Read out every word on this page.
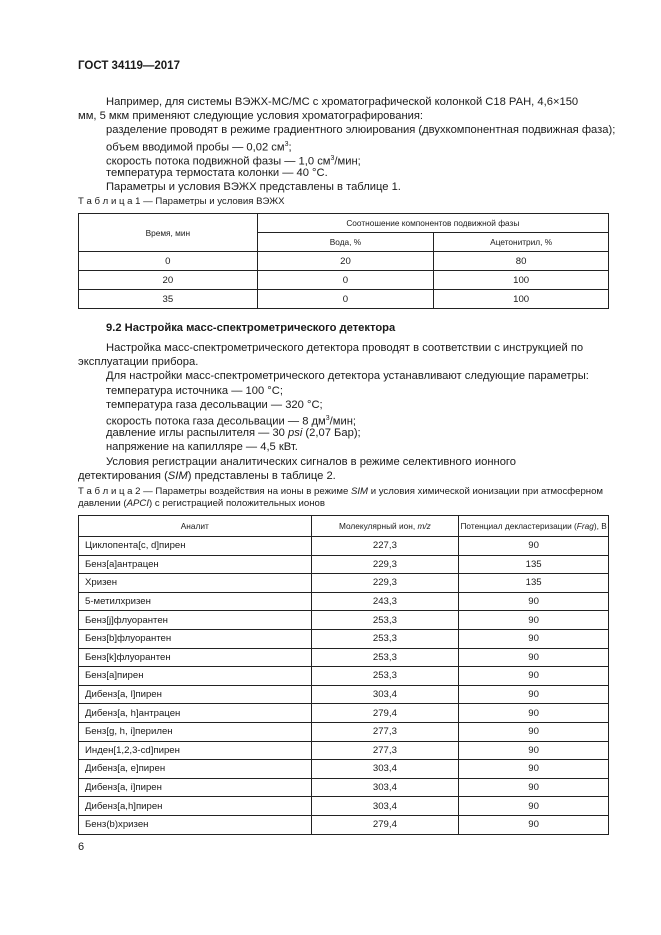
ГОСТ 34119—2017
Например, для системы ВЭЖХ-МС/МС с хроматографической колонкой С18 РАН, 4,6×150 мм, 5 мкм применяют следующие условия хроматографирования:
разделение проводят в режиме градиентного элюирования (двухкомпонентная подвижная фаза);
объем вводимой пробы — 0,02 $см^3$;
скорость потока подвижной фазы — 1,0 $см^3$/мин;
температура термостата колонки — 40 °С.
Параметры и условия ВЭЖХ представлены в таблице 1.
Т а б л и ц а 1 — Параметры и условия ВЭЖХ
Время, мин	Соотношение компонентов подвижной фазы	
	Вода, %	Ацетонитрил, %
0	20	80
20	0	100
35	0	100
9.2 Настройка масс-спектрометрического детектора
Настройка масс-спектрометрического детектора проводят в соответствии с инструкцией по эксплуатации прибора.
Для настройки масс-спектрометрического детектора устанавливают следующие параметры:
температура источника — 100 °С;
температура газа десольвации — 320 °С;
скорость потока газа десольвации — 8 $дм^3$/мин;
давление иглы распылителя — 30 psi (2,07 Бар);
напряжение на капилляре — 4,5 кВт.
Условия регистрации аналитических сигналов в режиме селективного ионного детектирования (SIM) представлены в таблице 2.
Т а б л и ц а 2 — Параметры воздействия на ионы в режиме SIM и условия химической ионизации при атмосферном давлении (APCI) с регистрацией положительных ионов
Аналит	Молекулярный ион, m/z	Потенциал декластеризации (Frag), В
Циклопента[c, d]пирен	227,3	90
Бенз[a]антрацен	229,3	135
Хризен	229,3	135
5-метилхризен	243,3	90
Бенз[j]флуорантен	253,3	90
Бенз[b]флуорантен	253,3	90
Бенз[k]флуорантен	253,3	90
Бенз[a]пирен	253,3	90
Дибенз[a, l]пирен	303,4	90
Дибенз[a, h]антрацен	279,4	90
Бенз[g, h, i]перилен	277,3	90
Инден[1,2,3-cd]пирен	277,3	90
Дибенз[a, e]пирен	303,4	90
Дибенз[a, i]пирен	303,4	90
Дибенз[a,h]пирен	303,4	90
Бенз(b)хризен	279,4	90
6
